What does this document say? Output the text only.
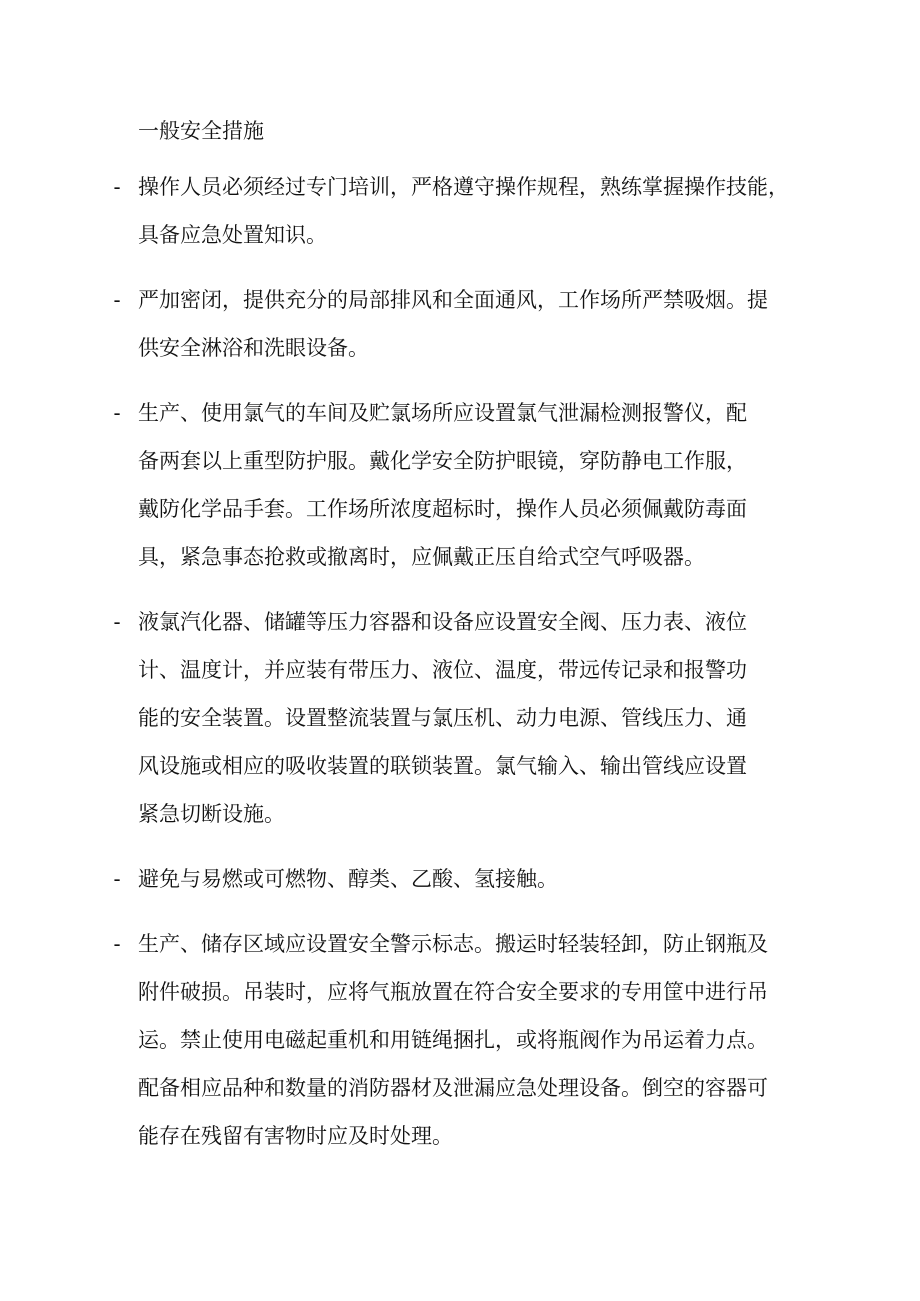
一般安全措施
- 操作人员必须经过专门培训，严格遵守操作规程，熟练掌握操作技能，
具备应急处置知识。
- 严加密闭，提供充分的局部排风和全面通风，工作场所严禁吸烟。提
供安全淋浴和洗眼设备。
- 生产、使用氯气的车间及贮氯场所应设置氯气泄漏检测报警仪，配
备两套以上重型防护服。戴化学安全防护眼镜，穿防静电工作服，
戴防化学品手套。工作场所浓度超标时，操作人员必须佩戴防毒面
具，紧急事态抢救或撤离时，应佩戴正压自给式空气呼吸器。
- 液氯汽化器、储罐等压力容器和设备应设置安全阀、压力表、液位
计、温度计，并应装有带压力、液位、温度，带远传记录和报警功
能的安全装置。设置整流装置与氯压机、动力电源、管线压力、通
风设施或相应的吸收装置的联锁装置。氯气输入、输出管线应设置
紧急切断设施。
- 避免与易燃或可燃物、醇类、乙酸、氢接触。
- 生产、储存区域应设置安全警示标志。搬运时轻装轻卸，防止钢瓶及
附件破损。吊装时，应将气瓶放置在符合安全要求的专用筐中进行吊
运。禁止使用电磁起重机和用链绳捆扎，或将瓶阀作为吊运着力点。
配备相应品种和数量的消防器材及泄漏应急处理设备。倒空的容器可
能存在残留有害物时应及时处理。
